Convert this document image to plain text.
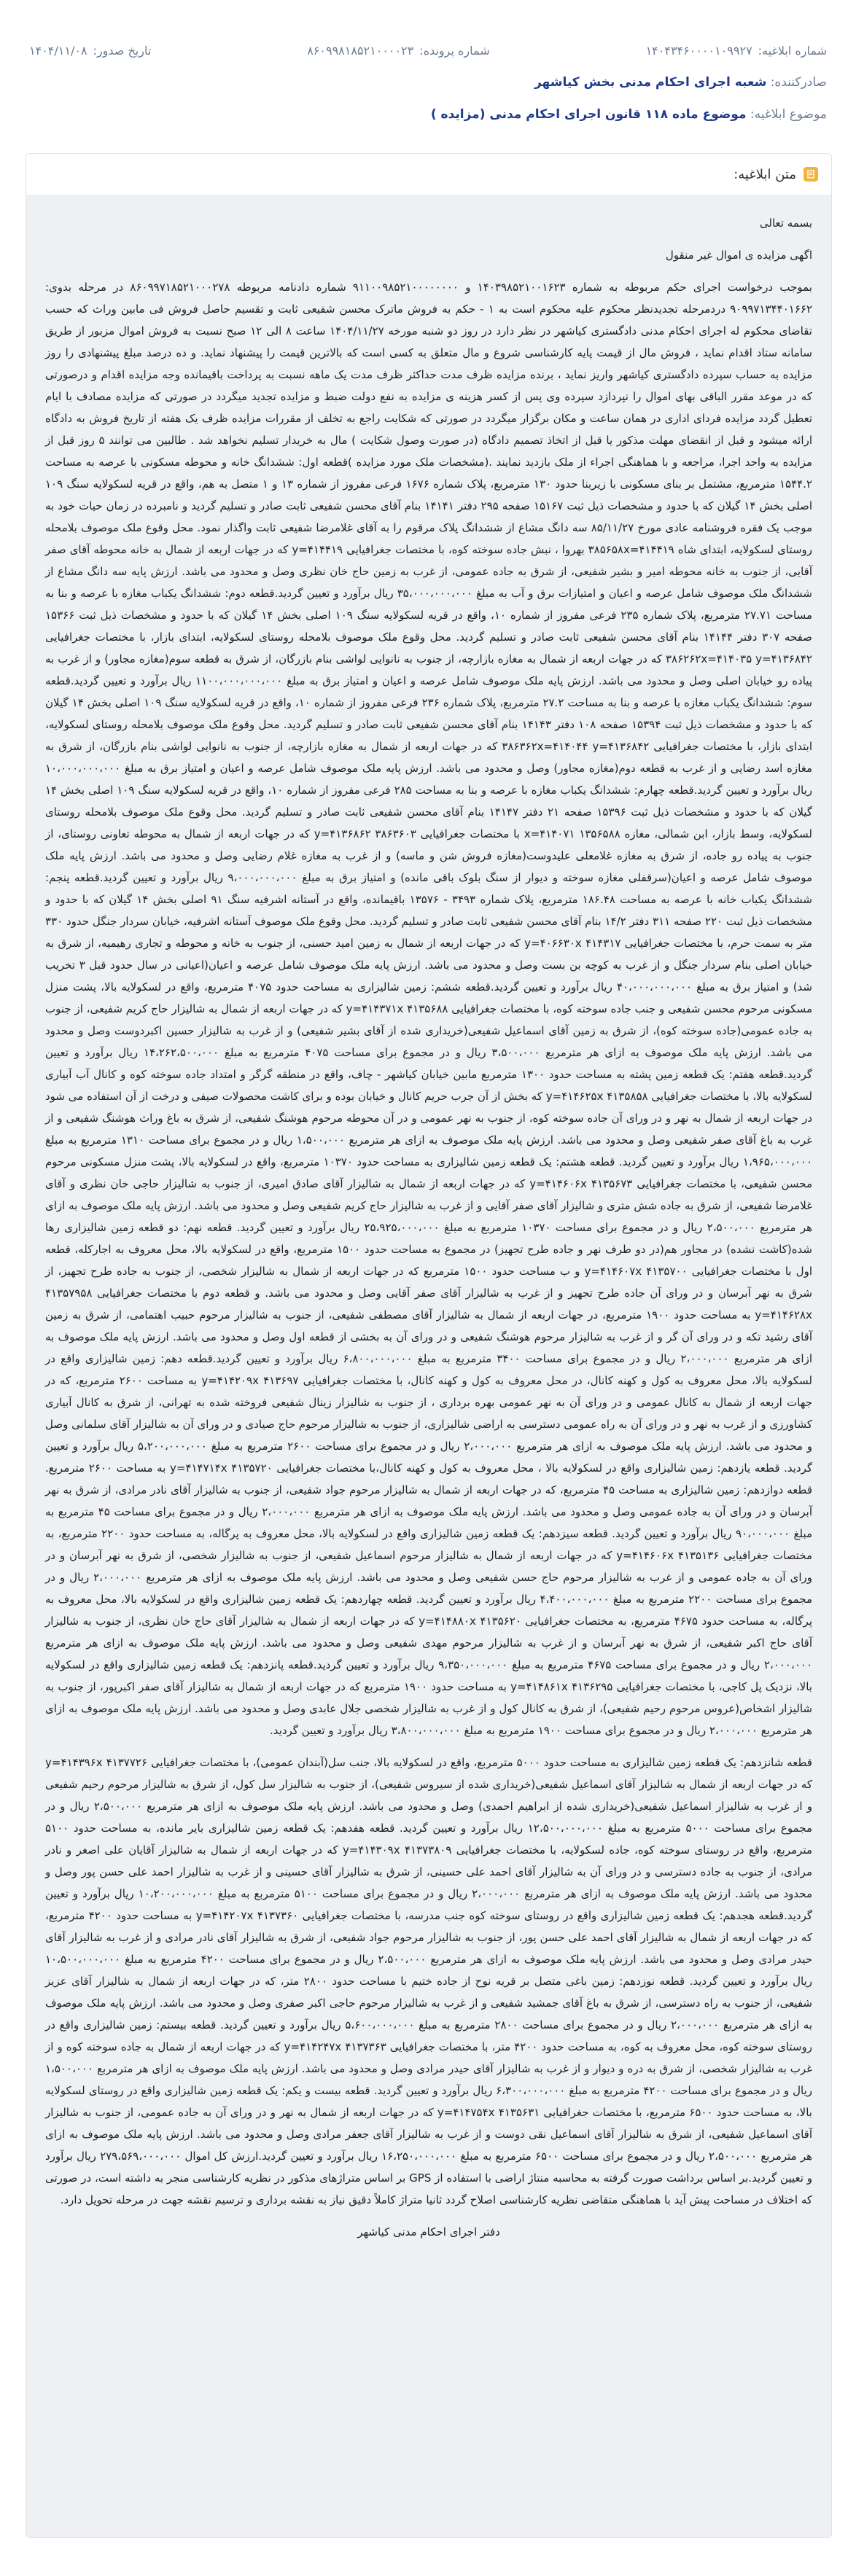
شماره ابلاغیه:
۱۴۰۴۳۴۶۰۰۰۰۱۰۹۹۲۷
شماره پرونده:
۸۶۰۹۹۸۱۸۵۲۱۰۰۰۰۲۳
تاریخ صدور:
۱۴۰۴/۱۱/۰۸
صادرکننده: شعبه اجرای احکام مدنی بخش کیاشهر
موضوع ابلاغیه: موضوع ماده ۱۱۸ قانون اجرای احکام مدنی (مزایده )
متن ابلاغیه:

بسمه تعالی

اگهی مزایده ی اموال غیر منقول

بموجب درخواست اجرای حکم مربوطه به شماره ۱۴۰۳۹۸۵۲۱۰۰۱۶۲۳ و ۹۱۱۰۰۹۸۵۲۱۰۰۰۰۰۰۰۰ شماره دادنامه مربوطه ۸۶۰۹۹۷۱۸۵۲۱۰۰۰۲۷۸ در مرحله بدوی: ۹۰۹۹۷۱۳۴۴۰۱۶۶۲ دردمرحله تجدیدنظر محکوم علیه محکوم است به ۱ - حکم به فروش ماترک محسن شفیعی ثابت و تقسیم حاصل فروش فی مابین وراث که حسب تقاضای محکوم له اجرای احکام مدنی دادگستری کیاشهر در نظر دارد در روز دو شنبه مورخه ۱۴۰۴/۱۱/۲۷ ساعت ۸ الی ۱۲ صبح نسبت به فروش اموال مزبور از طریق سامانه ستاد اقدام نماید ، فروش مال از قیمت پایه کارشناسی شروع و مال متعلق به کسی است که بالاترین قیمت را پیشنهاد نماید. و ده درصد مبلغ پیشنهادی را روز مزایده به حساب سپرده دادگستری کیاشهر واریز نماید ، برنده مزایده ظرف مدت حداکثر ظرف مدت یک ماهه نسبت به پرداخت باقیمانده وجه مزایده اقدام و درصورتی که در موعد مقرر الباقی بهای اموال را نپردازد سپرده وی پس از کسر هزینه ی مزایده به نفع دولت ضبط و مزایده تجدید میگردد در صورتی که مزایده مصادف با ایام تعطیل گردد مزایده فردای اداری در همان ساعت و مکان برگزار میگردد در صورتی که شکایت راجع به تخلف از مقررات مزایده ظرف یک هفته از تاریخ فروش به دادگاه ارائه میشود و قبل از انقضای مهلت مذکور یا قبل از اتخاذ تصمیم دادگاه (در صورت وصول شکایت ) مال به خریدار تسلیم نخواهد شد . طالبین می توانند ۵ روز قبل از مزایده به واحد اجرا، مراجعه و با هماهنگی اجراء از ملک بازدید نمایند .(مشخصات ملک مورد مزایده )قطعه اول: ششدانگ خانه و محوطه مسکونی با عرصه به مساحت ۱۵۴۴.۲ مترمربع، مشتمل بر بنای مسکونی با زیربنا حدود ۱۳۰ مترمربع، پلاک شماره ۱۶۷۶ فرعی مفروز از شماره ۱۳ و ۱ متصل به هم، واقع در قریه لسکولایه سنگ ۱۰۹ اصلی بخش ۱۴ گیلان که با حدود و مشخصات ذیل ثبت ۱۵۱۶۷ صفحه ۲۹۵ دفتر ۱۴۱۴۱ بنام آقای محسن شفیعی ثابت صادر و تسلیم گردید و نامبرده در زمان حیات خود به موجب یک فقره فروشنامه عادی مورخ ۸۵/۱۱/۲۷ سه دانگ مشاع از ششدانگ پلاک مرقوم را به آقای غلامرضا شفیعی ثابت واگذار نمود. محل وقوع ملک موصوف بلامحله روستای لسکولایه، ابتدای شاه ۳۸۵۶۵۸x=۴۱۴۴۱۹ بهروا ، نبش جاده سوخته کوه، با مختصات جغرافیایی y=۴۱۴۴۱۹ که در جهات اربعه از شمال به خانه محوطه آقای صفر آقایی، از جنوب به خانه محوطه امیر و بشیر شفیعی، از شرق به جاده عمومی، از غرب به زمین حاج خان نظری وصل و محدود می باشد. ارزش پایه سه دانگ مشاع از ششدانگ ملک موصوف شامل عرصه و اعیان و امتیازات برق و آب به مبلغ ۳۵،۰۰۰،۰۰۰،۰۰۰ ریال برآورد و تعیین گردید.قطعه دوم: ششدانگ یکباب مغازه با عرصه و بنا به مساحت ۲۷.۷۱ مترمربع، پلاک شماره ۲۳۵ فرعی مفروز از شماره ۱۰، واقع در قریه لسکولایه سنگ ۱۰۹ اصلی بخش ۱۴ گیلان که با حدود و مشخصات ذیل ثبت ۱۵۳۶۶ صفحه ۳۰۷ دفتر ۱۴۱۴۴ بنام آقای محسن شفیعی ثابت صادر و تسلیم گردید. محل وقوع ملک موصوف بلامحله روستای لسکولایه، ابتدای بازار، با مختصات جغرافیایی ۳۸۶۲۶۲x=۴۱۴۰۳۵ y=۴۱۳۶۸۴۲ که در جهات اربعه از شمال به مغازه بازارچه، از جنوب به نانوایی لواشی بنام بازرگان، از شرق به قطعه سوم(مغازه مجاور) و از غرب به پیاده رو خیابان اصلی وصل و محدود می باشد. ارزش پایه ملک موصوف شامل عرصه و اعیان و امتیاز برق به مبلغ ۱۱۰۰،۰۰۰،۰۰۰،۰۰۰ ریال برآورد و تعیین گردید.قطعه سوم: ششدانگ یکباب مغازه با عرصه و بنا به مساحت ۲۷.۲ مترمربع، پلاک شماره ۲۳۶ فرعی مفروز از شماره ۱۰، واقع در قریه لسکولایه سنگ ۱۰۹ اصلی بخش ۱۴ گیلان که با حدود و مشخصات ذیل ثبت ۱۵۳۹۴ صفحه ۱۰۸ دفتر ۱۴۱۴۳ بنام آقای محسن شفیعی ثابت صادر و تسلیم گردید. محل وقوع ملک موصوف بلامحله روستای لسکولایه، ابتدای بازار، با مختصات جغرافیایی ۳۸۶۳۶۲x=۴۱۴۰۴۴ y=۴۱۳۶۸۴۲ که در جهات اربعه از شمال به مغازه بازارچه، از جنوب به نانوایی لواشی بنام بازرگان، از شرق به مغازه اسد رضایی و از غرب به قطعه دوم(مغازه مجاور) وصل و محدود می باشد. ارزش پایه ملک موصوف شامل عرصه و اعیان و امتیاز برق به مبلغ ۱۰،۰۰۰،۰۰۰،۰۰۰ ریال برآورد و تعیین گردید.قطعه چهارم: ششدانگ یکباب مغازه با عرصه و بنا به مساحت ۲۸۵ فرعی مفروز از شماره ۱۰، واقع در قریه لسکولایه سنگ ۱۰۹ اصلی بخش ۱۴ گیلان که با حدود و مشخصات ذیل ثبت ۱۵۳۹۶ صفحه ۲۱ دفتر ۱۴۱۴۷ بنام آقای محسن شفیعی ثابت صادر و تسلیم گردید. محل وقوع ملک موصوف بلامحله روستای لسکولایه، وسط بازار، ابن شمالی، مغازه ۱۳۵۶۵۸۸ x=۴۱۴۰۷۱ با مختصات جغرافیایی ۳۸۶۳۶۰۳ y=۴۱۳۶۸۶۲ که در جهات اربعه از شمال به محوطه تعاونی روستای، از جنوب به پیاده رو جاده، از شرق به مغازه غلامعلی علیدوست(مغازه فروش شن و ماسه) و از غرب به مغازه غلام رضایی وصل و محدود می باشد. ارزش پایه ملک موصوف شامل عرصه و اعیان(سرقفلی مغازه سوخته و دیوار از سنگ بلوک باقی مانده) و امتیاز برق به مبلغ ۹،۰۰۰،۰۰۰،۰۰۰ ریال برآورد و تعیین گردید.قطعه پنجم: ششدانگ یکباب خانه با عرصه به مساحت ۱۸۶.۴۸ مترمربع، پلاک شماره ۳۴۹۳ - ۱۳۵۷۶ باقیمانده، واقع در آستانه اشرفیه سنگ ۹۱ اصلی بخش ۱۴ گیلان که با حدود و مشخصات ذیل ثبت ۲۲۰ صفحه ۳۱۱ دفتر ۱۴/۲ بنام آقای محسن شفیعی ثابت صادر و تسلیم گردید. محل وقوع ملک موصوف آستانه اشرفیه، خیابان سردار جنگل حدود ۳۳۰ متر به سمت حرم، با مختصات جغرافیایی ۴۱۴۳۱۷ y=۴۰۶۶۳۰x که در جهات اربعه از شمال به زمین امید حسنی، از جنوب به خانه و محوطه و تجاری رهیمیه، از شرق به خیابان اصلی بنام سردار جنگل و از غرب به کوچه بن بست وصل و محدود می باشد. ارزش پایه ملک موصوف شامل عرصه و اعیان(اعیانی در سال حدود قبل ۳ تخریب شد) و امتیاز برق به مبلغ ۴۰،۰۰۰،۰۰۰،۰۰۰ ریال برآورد و تعیین گردید.قطعه ششم: زمین شالیزاری به مساحت حدود ۴۰۷۵ مترمربع، واقع در لسکولایه بالا، پشت منزل مسکونی مرحوم محسن شفیعی و جنب جاده سوخته کوه، با مختصات جغرافیایی ۴۱۳۵۶۸۸ y=۴۱۴۳۷۱x که در جهات اربعه از شمال به شالیزار حاج کریم شفیعی، از جنوب به جاده عمومی(جاده سوخته کوه)، از شرق به زمین آقای اسماعیل شفیعی(خریداری شده از آقای بشیر شفیعی) و از غرب به شالیزار حسین اکبردوست وصل و محدود می باشد. ارزش پایه ملک موصوف به ازای هر مترمربع ۳،۵۰۰،۰۰۰ ریال و در مجموع برای مساحت ۴۰۷۵ مترمربع به مبلغ ۱۴،۲۶۲،۵۰۰،۰۰۰ ریال برآورد و تعیین گردید.قطعه هفتم: یک قطعه زمین پشته به مساحت حدود ۱۳۰۰ مترمربع مابین خیابان کیاشهر - چاف، واقع در منطقه گرگر و امتداد جاده سوخته کوه و کانال آب آبیاری لسکولایه بالا، با مختصات جغرافیایی ۴۱۳۵۸۵۸ y=۴۱۴۶۲۵x که بخش از آن جرب حریم کانال و خیابان بوده و برای کاشت محصولات صیفی و درخت از آن استفاده می شود در جهات اربعه از شمال به نهر و در ورای آن جاده سوخته کوه، از جنوب به نهر عمومی و در آن محوطه مرحوم هوشنگ شفیعی، از شرق به باغ وراث هوشنگ شفیعی و از غرب به باغ آقای صفر شفیعی وصل و محدود می باشد. ارزش پایه ملک موصوف به ازای هر مترمربع ۱،۵۰۰،۰۰۰ ریال و در مجموع برای مساحت ۱۳۱۰ مترمربع به مبلغ ۱،۹۶۵،۰۰۰،۰۰۰ ریال برآورد و تعیین گردید. قطعه هشتم: یک قطعه زمین شالیزاری به مساحت حدود ۱۰۳۷۰ مترمربع، واقع در لسکولایه بالا، پشت منزل مسکونی مرحوم محسن شفیعی، با مختصات جغرافیایی ۴۱۳۵۶۷۳ y=۴۱۴۶۰۶x که در جهات اربعه از شمال به شالیزار آقای صادق امیری، از جنوب به شالیزار حاجی خان نظری و آقای غلامرضا شفیعی، از شرق به جاده شش متری و شالیزار آقای صفر آقایی و از غرب به شالیزار حاج کریم شفیعی وصل و محدود می باشد. ارزش پایه ملک موصوف به ازای هر مترمربع ۲،۵۰۰،۰۰۰ ریال و در مجموع برای مساحت ۱۰۳۷۰ مترمربع به مبلغ ۲۵،۹۲۵،۰۰۰،۰۰۰ ریال برآورد و تعیین گردید. قطعه نهم: دو قطعه زمین شالیزاری رها شده(کاشت نشده) در مجاور هم(در دو طرف نهر و جاده طرح تجهیز) در مجموع به مساحت حدود ۱۵۰۰ مترمربع، واقع در لسکولایه بالا، محل معروف به اجارکله، قطعه اول با مختصات جغرافیایی ۴۱۳۵۷۰۰ y=۴۱۴۶۰۷x و ب مساحت حدود ۱۵۰۰ مترمربع که در جهات اربعه از شمال به شالیزار شخصی، از جنوب به جاده طرح تجهیز، از شرق به نهر آبرسان و در ورای آن جاده طرح تجهیز و از غرب به شالیزار آقای صفر آقایی وصل و محدود می باشد. و قطعه دوم با مختصات جغرافیایی ۴۱۳۵۷۹۵۸ y=۴۱۴۶۲۸x به مساحت حدود ۱۹۰۰ مترمربع، در جهات اربعه از شمال به شالیزار آقای مصطفی شفیعی، از جنوب به شالیزار مرحوم حبیب اهتمامی، از شرق به زمین آقای رشید تکه و در ورای آن گر و از غرب به شالیزار مرحوم هوشنگ شفیعی و در ورای آن به بخشی از قطعه اول وصل و محدود می باشد. ارزش پایه ملک موصوف به ازای هر مترمربع ۲،۰۰۰،۰۰۰ ریال و در مجموع برای مساحت ۳۴۰۰ مترمربع به مبلغ ۶،۸۰۰،۰۰۰،۰۰۰ ریال برآورد و تعیین گردید.قطعه دهم: زمین شالیزاری واقع در لسکولایه بالا، محل معروف به کول و کهنه کانال، در محل معروف به کول و کهنه کانال، با مختصات جغرافیایی ۴۱۳۶۹۷ y=۴۱۴۲۰۹x به مساحت ۲۶۰۰ مترمربع، که در جهات اربعه از شمال به کانال عمومی و در ورای آن به نهر عمومی بهره برداری ، از جنوب به شالیزار زینال شفیعی فروخته شده به تهرانی، از شرق به کانال آبیاری کشاورزی و از غرب به نهر و در ورای آن به راه عمومی دسترسی به اراضی شالیزاری، از جنوب به شالیزار مرحوم حاج صیادی و در ورای آن به شالیزار آقای سلمانی وصل و محدود می باشد. ارزش پایه ملک موصوف به ازای هر مترمربع ۲،۰۰۰،۰۰۰ ریال و در مجموع برای مساحت ۲۶۰۰ مترمربع به مبلغ ۵،۲۰۰،۰۰۰،۰۰۰ ریال برآورد و تعیین گردید. قطعه یازدهم: زمین شالیزاری واقع در لسکولایه بالا ، محل معروف به کول و کهنه کانال،با مختصات جغرافیایی ۴۱۳۵۷۲۰ y=۴۱۴۷۱۴x به مساحت ۲۶۰۰ مترمربع. قطعه دوازدهم: زمین شالیزاری به مساحت ۴۵ مترمربع، که در جهات اربعه از شمال به شالیزار مرحوم جواد شفیعی، از جنوب به شالیزار آقای نادر مرادی، از شرق به نهر آبرسان و در ورای آن به جاده عمومی وصل و محدود می باشد. ارزش پایه ملک موصوف به ازای هر مترمربع ۲،۰۰۰،۰۰۰ ریال و در مجموع برای مساحت ۴۵ مترمربع به مبلغ ۹۰،۰۰۰،۰۰۰ ریال برآورد و تعیین گردید. قطعه سیزدهم: یک قطعه زمین شالیزاری واقع در لسکولایه بالا، محل معروف به پرگاله، به مساحت حدود ۲۲۰۰ مترمربع، به مختصات جغرافیایی ۴۱۳۵۱۳۶ y=۴۱۴۶۰۶x که در جهات اربعه از شمال به شالیزار مرحوم اسماعیل شفیعی، از جنوب به شالیزار شخصی، از شرق به نهر آبرسان و در ورای آن به جاده عمومی و از غرب به شالیزار مرحوم حاج حسن شفیعی وصل و محدود می باشد. ارزش پایه ملک موصوف به ازای هر مترمربع ۲،۰۰۰،۰۰۰ ریال و در مجموع برای مساحت ۲۲۰۰ مترمربع به مبلغ ۴،۴۰۰،۰۰۰،۰۰۰ ریال برآورد و تعیین گردید. قطعه چهاردهم: یک قطعه زمین شالیزاری واقع در لسکولایه بالا، محل معروف به پرگاله، به مساحت حدود ۴۶۷۵ مترمربع، به مختصات جغرافیایی ۴۱۳۵۶۲۰ y=۴۱۴۸۸۰x که در جهات اربعه از شمال به شالیزار آقای حاج خان نظری، از جنوب به شالیزار آقای حاج اکبر شفیعی، از شرق به نهر آبرسان و از غرب به شالیزار مرحوم مهدی شفیعی وصل و محدود می باشد. ارزش پایه ملک موصوف به ازای هر مترمربع ۲،۰۰۰،۰۰۰ ریال و در مجموع برای مساحت ۴۶۷۵ مترمربع به مبلغ ۹،۳۵۰،۰۰۰،۰۰۰ ریال برآورد و تعیین گردید.قطعه پانزدهم: یک قطعه زمین شالیزاری واقع در لسکولایه بالا، نزدیک پل کاجی، با مختصات جغرافیایی ۴۱۳۶۲۹۵ y=۴۱۴۸۶۱x به مساحت حدود ۱۹۰۰ مترمربع که در جهات اربعه از شمال به شالیزار آقای صفر اکبرپور، از جنوب به شالیزار اشخاص(عروس مرحوم رحیم شفیعی)، از شرق به کانال کول و از غرب به شالیزار شخصی جلال عابدی وصل و محدود می باشد. ارزش پایه ملک موصوف به ازای هر مترمربع ۲،۰۰۰،۰۰۰ ریال و در مجموع برای مساحت ۱۹۰۰ مترمربع به مبلغ ۳،۸۰۰،۰۰۰،۰۰۰ ریال برآورد و تعیین گردید.

قطعه شانزدهم: یک قطعه زمین شالیزاری به مساحت حدود ۵۰۰۰ مترمربع، واقع در لسکولایه بالا، جنب سل(آبندان عمومی)، با مختصات جغرافیایی ۴۱۳۷۷۲۶ y=۴۱۴۳۹۶x که در جهات اربعه از شمال به شالیزار آقای اسماعیل شفیعی(خریداری شده از سیروس شفیعی)، از جنوب به شالیزار سل کول، از شرق به شالیزار مرحوم رحیم شفیعی و از غرب به شالیزار اسماعیل شفیعی(خریداری شده از ابراهیم احمدی) وصل و محدود می باشد. ارزش پایه ملک موصوف به ازای هر مترمربع ۲،۵۰۰،۰۰۰ ریال و در مجموع برای مساحت ۵۰۰۰ مترمربع به مبلغ ۱۲،۵۰۰،۰۰۰،۰۰۰ ریال برآورد و تعیین گردید. قطعه هفدهم: یک قطعه زمین شالیزاری بایر مانده، به مساحت حدود ۵۱۰۰ مترمربع، واقع در روستای سوخته کوه، جاده لسکولایه، با مختصات جغرافیایی ۴۱۳۷۳۸۰۹ y=۴۱۴۳۰۹x که در جهات اربعه از شمال به شالیزار آقایان علی اصغر و نادر مرادی، از جنوب به جاده دسترسی و در ورای آن به شالیزار آقای احمد علی حسینی، از شرق به شالیزار آقای حسینی و از غرب به شالیزار احمد علی حسن پور وصل و محدود می باشد. ارزش پایه ملک موصوف به ازای هر مترمربع ۲،۰۰۰،۰۰۰ ریال و در مجموع برای مساحت ۵۱۰۰ مترمربع به مبلغ ۱۰،۲۰۰،۰۰۰،۰۰۰ ریال برآورد و تعیین گردید.قطعه هجدهم: یک قطعه زمین شالیزاری واقع در روستای سوخته کوه جنب مدرسه، با مختصات جغرافیایی ۴۱۳۷۳۶۰ y=۴۱۴۲۰۷x به مساحت حدود ۴۲۰۰ مترمربع، که در جهات اربعه از شمال به شالیزار آقای احمد علی حسن پور، از جنوب به شالیزار مرحوم جواد شفیعی، از شرق به شالیزار آقای نادر مرادی و از غرب به شالیزار آقای حیدر مرادی وصل و محدود می باشد. ارزش پایه ملک موصوف به ازای هر مترمربع ۲،۵۰۰،۰۰۰ ریال و در مجموع برای مساحت ۴۲۰۰ مترمربع به مبلغ ۱۰،۵۰۰،۰۰۰،۰۰۰ ریال برآورد و تعیین گردید. قطعه نوزدهم: زمین باغی متصل بر قریه نوح از جاده ختیم با مساحت حدود ۲۸۰۰ متر، که در جهات اربعه از شمال به شالیزار آقای عزیز شفیعی، از جنوب به راه دسترسی، از شرق به باغ آقای جمشید شفیعی و از غرب به شالیزار مرحوم حاجی اکبر صفری وصل و محدود می باشد. ارزش پایه ملک موصوف به ازای هر مترمربع ۲،۰۰۰،۰۰۰ ریال و در مجموع برای مساحت ۲۸۰۰ مترمربع به مبلغ ۵،۶۰۰،۰۰۰،۰۰۰ ریال برآورد و تعیین گردید. قطعه بیستم: زمین شالیزاری واقع در روستای سوخته کوه، محل معروف به کوه، به مساحت حدود ۴۲۰۰ متر، با مختصات جغرافیایی ۴۱۳۷۳۶۳ y=۴۱۴۲۴۷x که در جهات اربعه از شمال به جاده سوخته کوه و از غرب به شالیزار شخصی، از شرق به دره و دیوار و از غرب به شالیزار آقای حیدر مرادی وصل و محدود می باشد. ارزش پایه ملک موصوف به ازای هر مترمربع ۱،۵۰۰،۰۰۰ ریال و در مجموع برای مساحت ۴۲۰۰ مترمربع به مبلغ ۶،۳۰۰،۰۰۰،۰۰۰ ریال برآورد و تعیین گردید. قطعه بیست و یکم: یک قطعه زمین شالیزاری واقع در روستای لسکولایه بالا، به مساحت حدود ۶۵۰۰ مترمربع، با مختصات جغرافیایی ۴۱۳۵۶۳۱ y=۴۱۴۷۵۴x که در جهات اربعه از شمال به نهر و در ورای آن به جاده عمومی، از جنوب به شالیزار آقای اسماعیل شفیعی، از شرق به شالیزار آقای اسماعیل نقی دوست و از غرب به شالیزار آقای جعفر مرادی وصل و محدود می باشد. ارزش پایه ملک موصوف به ازای هر مترمربع ۲،۵۰۰،۰۰۰ ریال و در مجموع برای مساحت ۶۵۰۰ مترمربع به مبلغ ۱۶،۲۵۰،۰۰۰،۰۰۰ ریال برآورد و تعیین گردید.ارزش کل اموال ۲۷۹،۵۶۹،۰۰۰،۰۰۰ ریال برآورد و تعیین گردید.بر اساس برداشت صورت گرفته به محاسبه منتاژ اراضی با استفاده از GPS بر اساس متراژهای مذکور در نظریه کارشناسی منجر به داشته است، در صورتی که اختلاف در مساحت پیش آید با هماهنگی متقاضی نظریه کارشناسی اصلاح گردد ثانیا متراژ کاملاً دقیق نیاز به نقشه برداری و ترسیم نقشه جهت در مرحله تحویل دارد.

دفتر اجرای احکام مدنی کیاشهر
